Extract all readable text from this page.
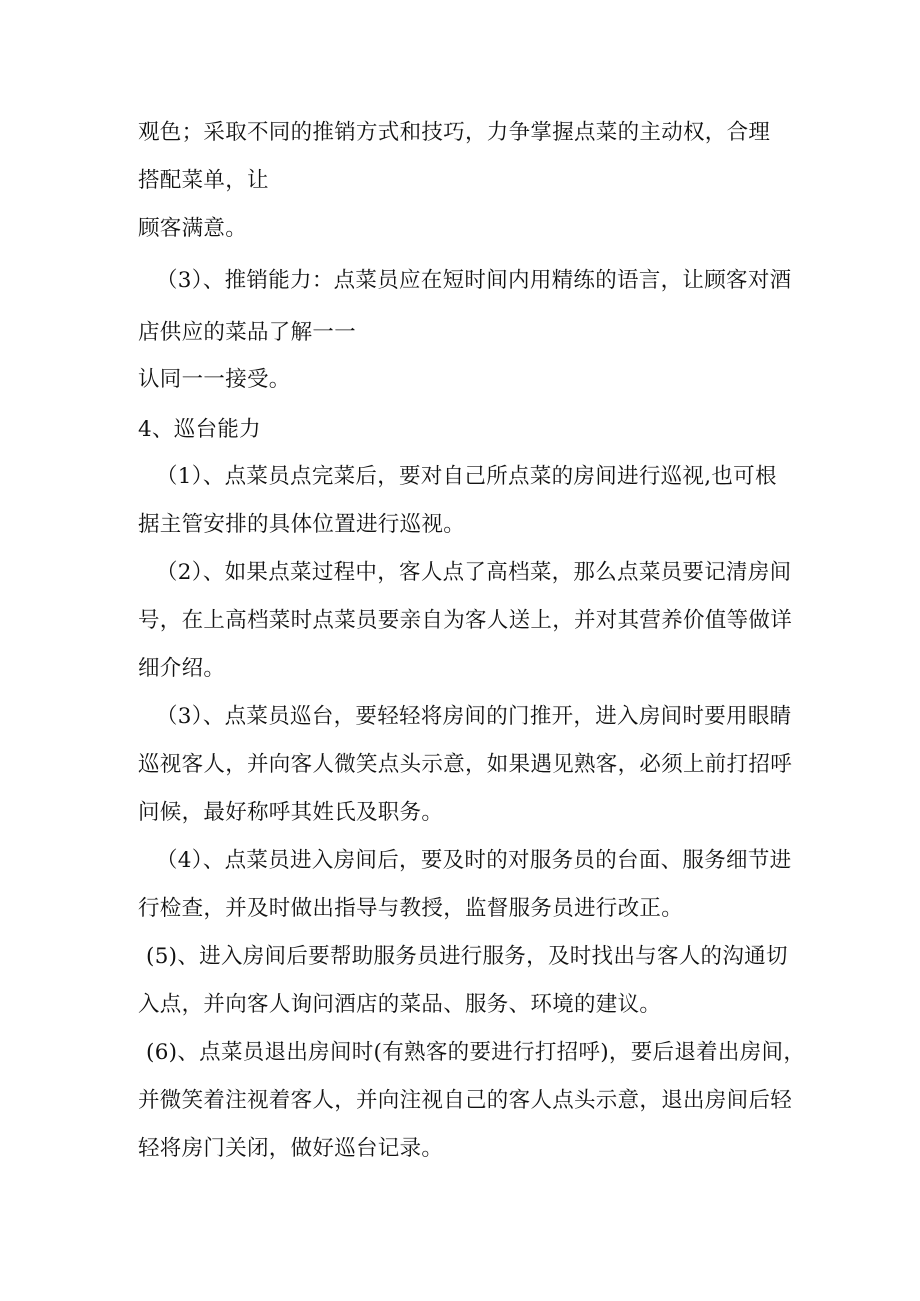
观色；采取不同的推销方式和技巧，力争掌握点菜的主动权，合理
搭配菜单，让
顾客满意。
（3）、推销能力：点菜员应在短时间内用精练的语言，让顾客对酒
店供应的菜品了解一一
认同一一接受。
4、巡台能力
（1）、点菜员点完菜后，要对自己所点菜的房间进行巡视,也可根
据主管安排的具体位置进行巡视。
（2）、如果点菜过程中，客人点了高档菜，那么点菜员要记清房间
号，在上高档菜时点菜员要亲自为客人送上，并对其营养价值等做详
细介绍。
（3）、点菜员巡台，要轻轻将房间的门推开，进入房间时要用眼睛
巡视客人，并向客人微笑点头示意，如果遇见熟客，必须上前打招呼
问候，最好称呼其姓氏及职务。
（4）、点菜员进入房间后，要及时的对服务员的台面、服务细节进
行检查，并及时做出指导与教授，监督服务员进行改正。
(5)、进入房间后要帮助服务员进行服务，及时找出与客人的沟通切
入点，并向客人询问酒店的菜品、服务、环境的建议。
(6)、点菜员退出房间时(有熟客的要进行打招呼)，要后退着出房间，
并微笑着注视着客人，并向注视自己的客人点头示意，退出房间后轻
轻将房门关闭，做好巡台记录。
